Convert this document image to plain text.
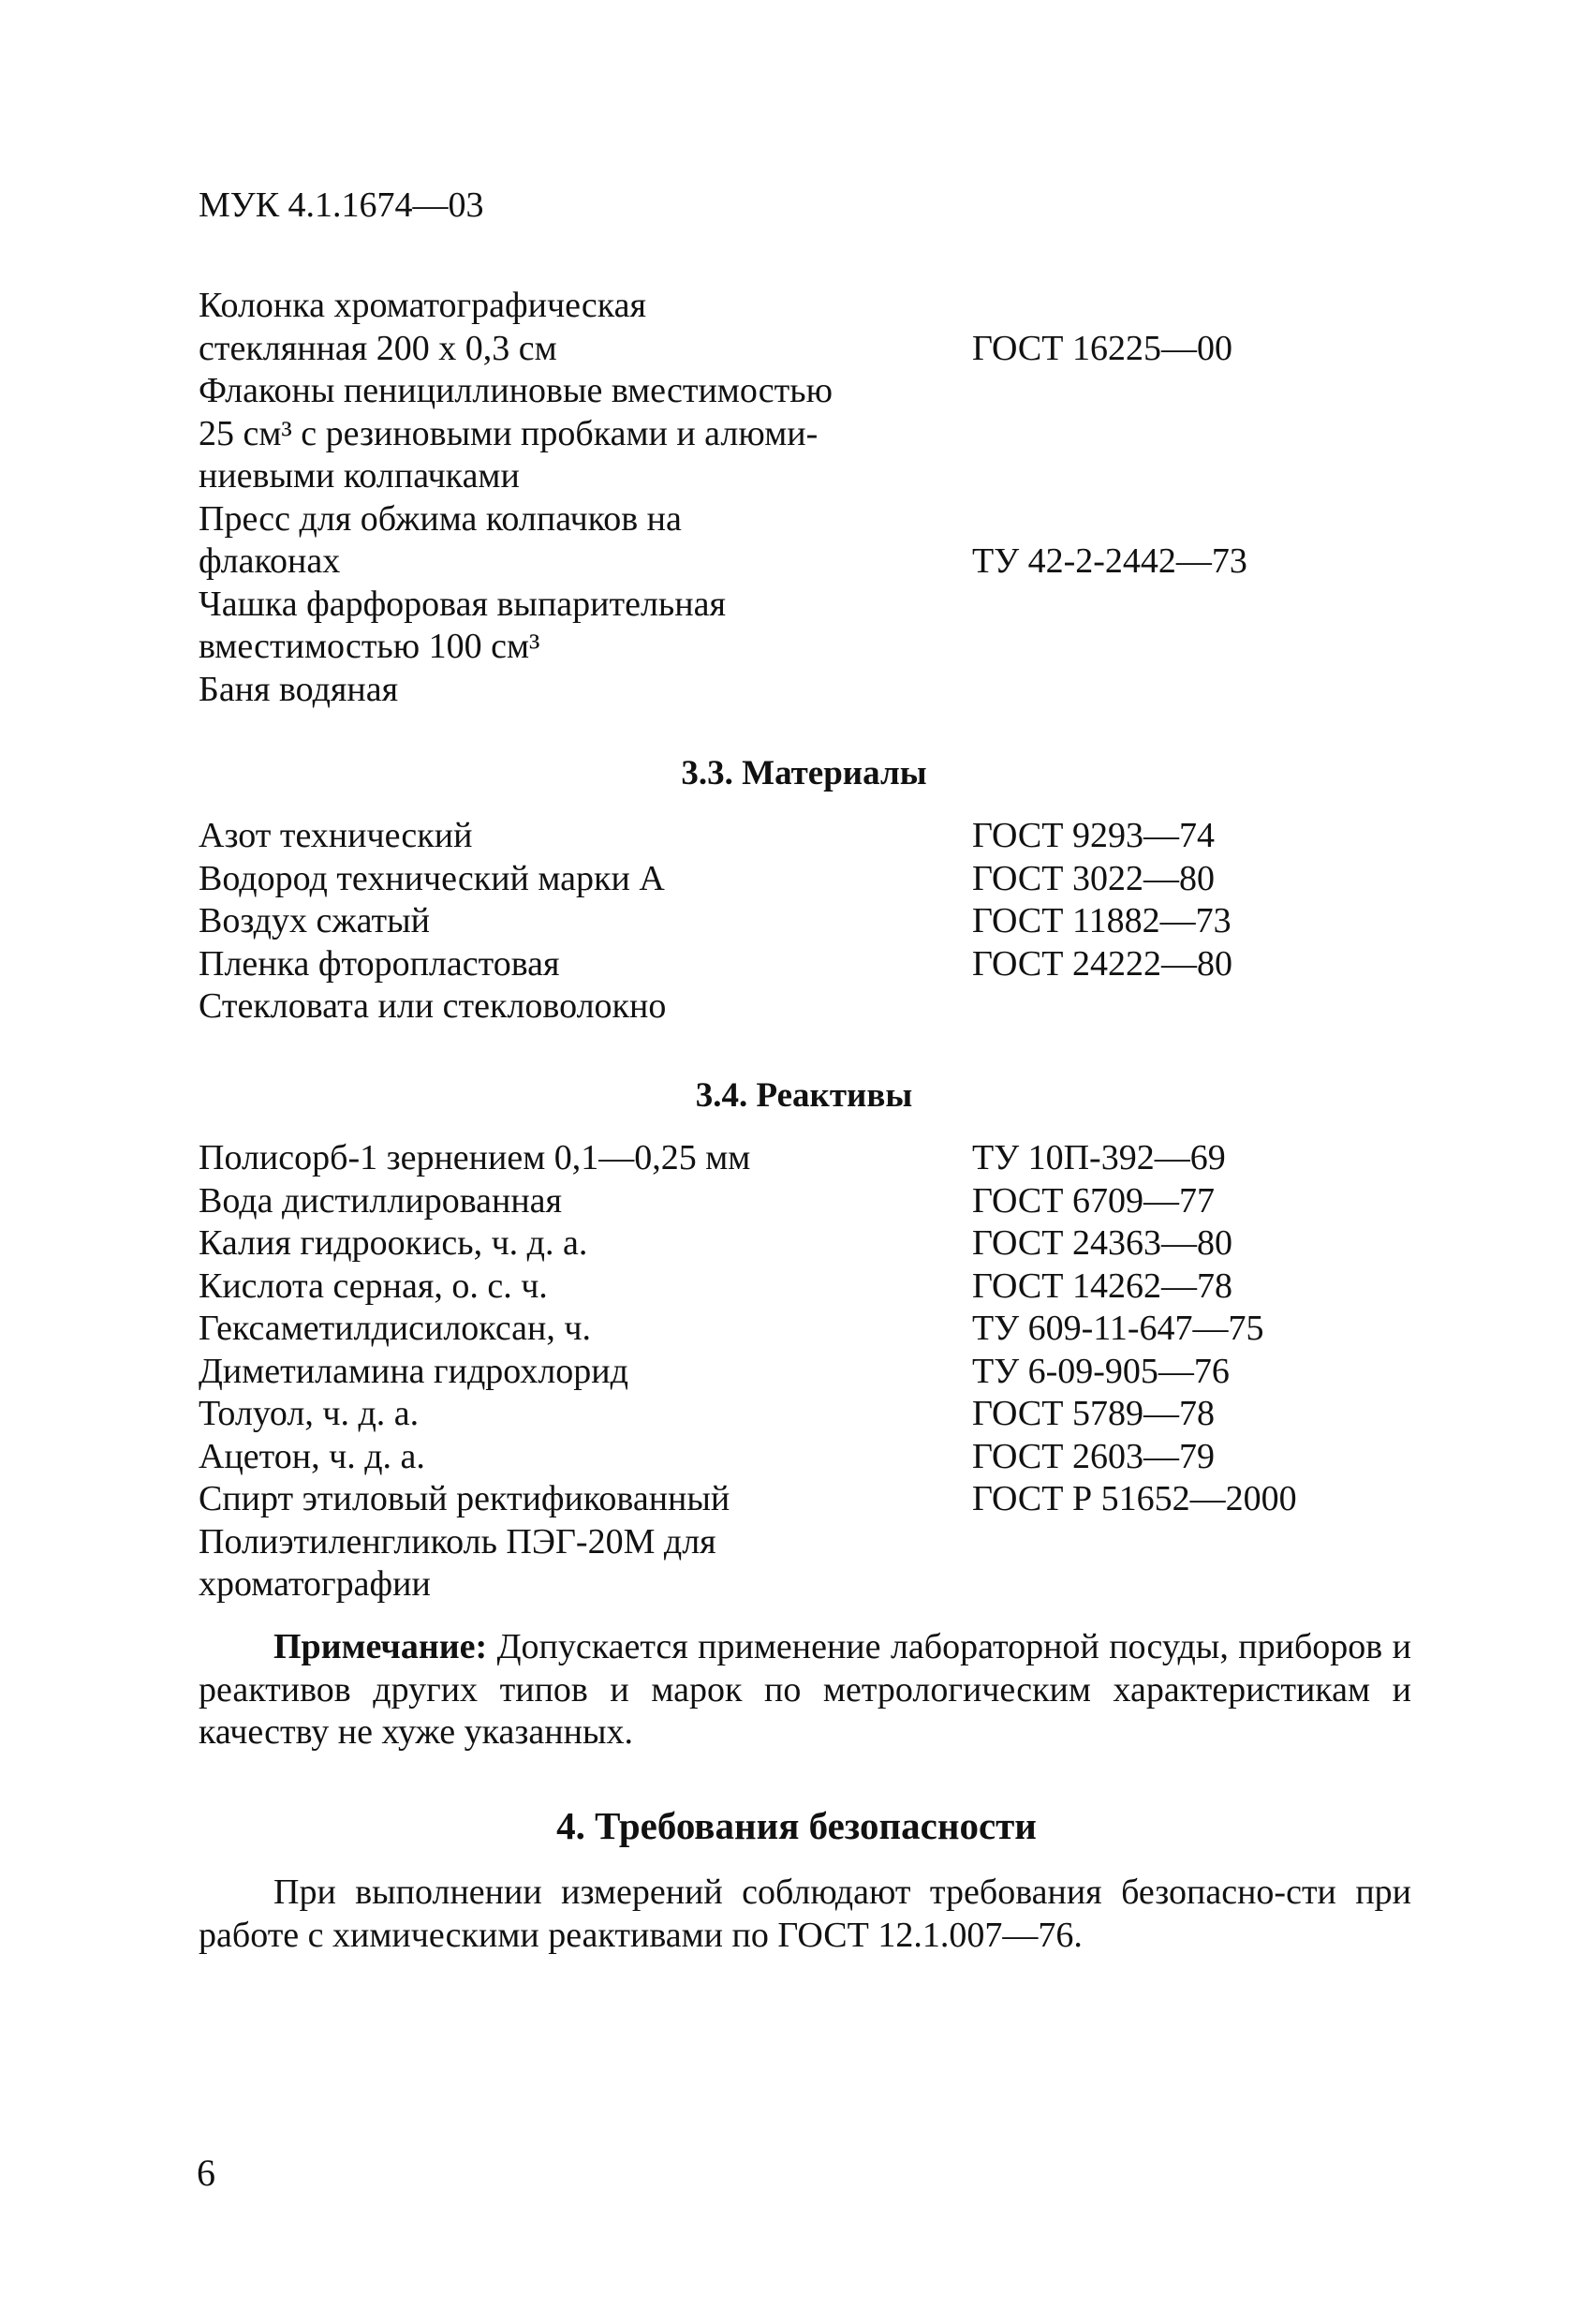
МУК 4.1.1674—03
Колонка хроматографическая
стеклянная 200 х 0,3 см	ГОСТ 16225—00
Флаконы пенициллиновые вместимостью
25 см³ с резиновыми пробками и алюми-
ниевыми колпачками
Пресс для обжима колпачков на
флаконах	ТУ 42-2-2442—73
Чашка фарфоровая выпарительная
вместимостью 100 см³
Баня водяная
3.3. Материалы
Азот технический	ГОСТ 9293—74
Водород технический марки А	ГОСТ 3022—80
Воздух сжатый	ГОСТ 11882—73
Пленка фторопластовая	ГОСТ 24222—80
Стекловата или стекловолокно
3.4. Реактивы
Полисорб-1 зернением 0,1—0,25 мм	ТУ 10П-392—69
Вода дистиллированная	ГОСТ 6709—77
Калия гидроокись, ч. д. а.	ГОСТ 24363—80
Кислота серная, о. с. ч.	ГОСТ 14262—78
Гексаметилдисилоксан, ч.	ТУ 609-11-647—75
Диметиламина гидрохлорид	ТУ 6-09-905—76
Толуол, ч. д. а.	ГОСТ 5789—78
Ацетон, ч. д. а.	ГОСТ 2603—79
Спирт этиловый ректификованный	ГОСТ Р 51652—2000
Полиэтиленгликоль ПЭГ-20М для
хроматографии
Примечание: Допускается применение лабораторной посуды, приборов и реактивов других типов и марок по метрологическим характеристикам и качеству не хуже указанных.
4. Требования безопасности
При выполнении измерений соблюдают требования безопасно-сти при работе с химическими реактивами по ГОСТ 12.1.007—76.
6
